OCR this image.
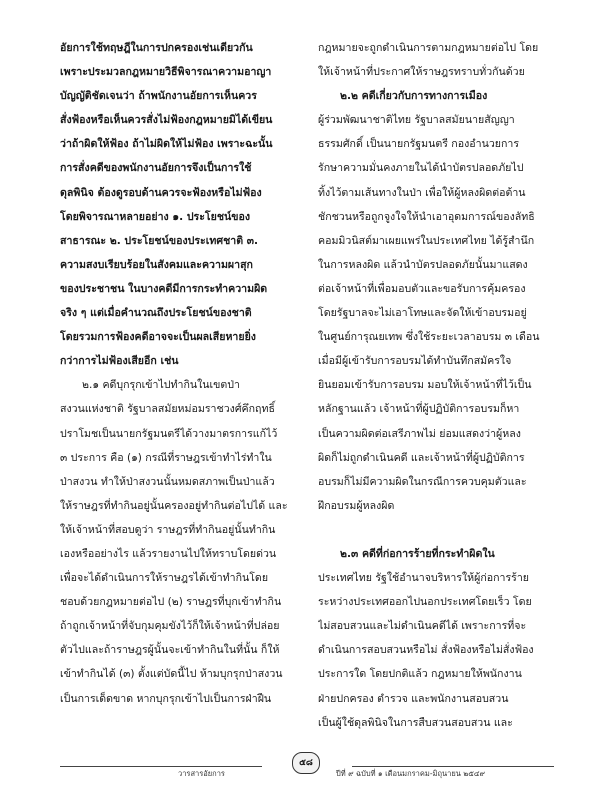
อัยการใช้ทฤษฎีในการปกครองเช่นเดียวกัน
เพราะประมวลกฎหมายวิธีพิจารณาความอาญา
บัญญัติชัดเจนว่า ถ้าพนักงานอัยการเห็นควร
สั่งฟ้องหรือเห็นควรสั่งไม่ฟ้องกฎหมายมิได้เขียน
ว่าถ้าผิดให้ฟ้อง ถ้าไม่ผิดให้ไม่ฟ้อง เพราะฉะนั้น
การสั่งคดีของพนักงานอัยการจึงเป็นการใช้
ดุลพินิจ ต้องดูรอบด้านควรจะฟ้องหรือไม่ฟ้อง
โดยพิจารณาหลายอย่าง ๑. ประโยชน์ของ
สาธารณะ ๒. ประโยชน์ของประเทศชาติ ๓.
ความสงบเรียบร้อยในสังคมและความผาสุก
ของประชาชน ในบางคดีมีการกระทำความผิด
จริง ๆ แต่เมื่อคำนวณถึงประโยชน์ของชาติ
โดยรวมการฟ้องคดีอาจจะเป็นผลเสียหายยิ่ง
กว่าการไม่ฟ้องเสียอีก เช่น
๒.๑ คดีบุกรุกเข้าไปทำกินในเขตป่า
สงวนแห่งชาติ รัฐบาลสมัยหม่อมราชวงศ์คึกฤทธิ์
ปราโมชเป็นนายกรัฐมนตรีได้วางมาตรการแก้ไว้
๓ ประการ คือ (๑) กรณีที่ราษฎรเข้าทำไร่ทำใน
ป่าสงวน ทำให้ป่าสงวนนั้นหมดสภาพเป็นป่าแล้ว
ให้ราษฎรที่ทำกินอยู่นั้นครองอยู่ทำกินต่อไปได้ และ
ให้เจ้าหน้าที่สอบดูว่า ราษฎรที่ทำกินอยู่นั้นทำกิน
เองหรืออย่างไร แล้วรายงานไปให้ทราบโดยด่วน
เพื่อจะได้ดำเนินการให้ราษฎรได้เข้าทำกินโดย
ชอบด้วยกฎหมายต่อไป (๒) ราษฎรที่บุกเข้าทำกิน
ถ้าถูกเจ้าหน้าที่จับกุมคุมขังไว้ก็ให้เจ้าหน้าที่ปล่อย
ตัวไปและถ้าราษฎรผู้นั้นจะเข้าทำกินในที่นั้น ก็ให้
เข้าทำกินได้ (๓) ตั้งแต่บัดนี้ไป ห้ามบุกรุกป่าสงวน
เป็นการเด็ดขาด หากบุกรุกเข้าไปเป็นการฝ่าฝืน
กฎหมายจะถูกดำเนินการตามกฎหมายต่อไป โดย
ให้เจ้าหน้าที่ประกาศให้ราษฎรทราบทั่วกันด้วย
๒.๒ คดีเกี่ยวกับการทางการเมือง
ผู้ร่วมพัฒนาชาติไทย รัฐบาลสมัยนายสัญญา
ธรรมศักดิ์ เป็นนายกรัฐมนตรี กองอำนวยการ
รักษาความมั่นคงภายในได้นำบัตรปลอดภัยไป
ทิ้งไว้ตามเส้นทางในป่า เพื่อให้ผู้หลงผิดต่อต้าน
ชักชวนหรือถูกจูงใจให้นำเอาอุดมการณ์ของลัทธิ
คอมมิวนิสต์มาเผยแพร่ในประเทศไทย ได้รู้สำนึก
ในการหลงผิด แล้วนำบัตรปลอดภัยนั้นมาแสดง
ต่อเจ้าหน้าที่เพื่อมอบตัวและขอรับการคุ้มครอง
โดยรัฐบาลจะไม่เอาโทษและจัดให้เข้าอบรมอยู่
ในศูนย์การุณยเทพ ซึ่งใช้ระยะเวลาอบรม ๓ เดือน
เมื่อมีผู้เข้ารับการอบรมได้ทำบันทึกสมัครใจ
ยินยอมเข้ารับการอบรม มอบให้เจ้าหน้าที่ไว้เป็น
หลักฐานแล้ว เจ้าหน้าที่ผู้ปฏิบัติการอบรมก็หา
เป็นความผิดต่อเสรีภาพไม่ ย่อมแสดงว่าผู้หลง
ผิดก็ไม่ถูกดำเนินคดี และเจ้าหน้าที่ผู้ปฏิบัติการ
อบรมก็ไม่มีความผิดในกรณีการควบคุมตัวและ
ฝึกอบรมผู้หลงผิด
๒.๓ คดีที่ก่อการร้ายที่กระทำผิดใน
ประเทศไทย รัฐใช้อำนาจบริหารให้ผู้ก่อการร้าย
ระหว่างประเทศออกไปนอกประเทศโดยเร็ว โดย
ไม่สอบสวนและไม่ดำเนินคดีได้ เพราะการที่จะ
ดำเนินการสอบสวนหรือไม่ สั่งฟ้องหรือไม่สั่งฟ้อง
ประการใด โดยปกติแล้ว กฎหมายให้พนักงาน
ฝ่ายปกครอง ตำรวจ และพนักงานสอบสวน
เป็นผู้ใช้ดุลพินิจในการสืบสวนสอบสวน และ
วารสารอัยการ
๕๘
ปีที่ ๙ ฉบับที่ ๑ เดือนมกราคม-มิถุนายน ๒๕๔๙
